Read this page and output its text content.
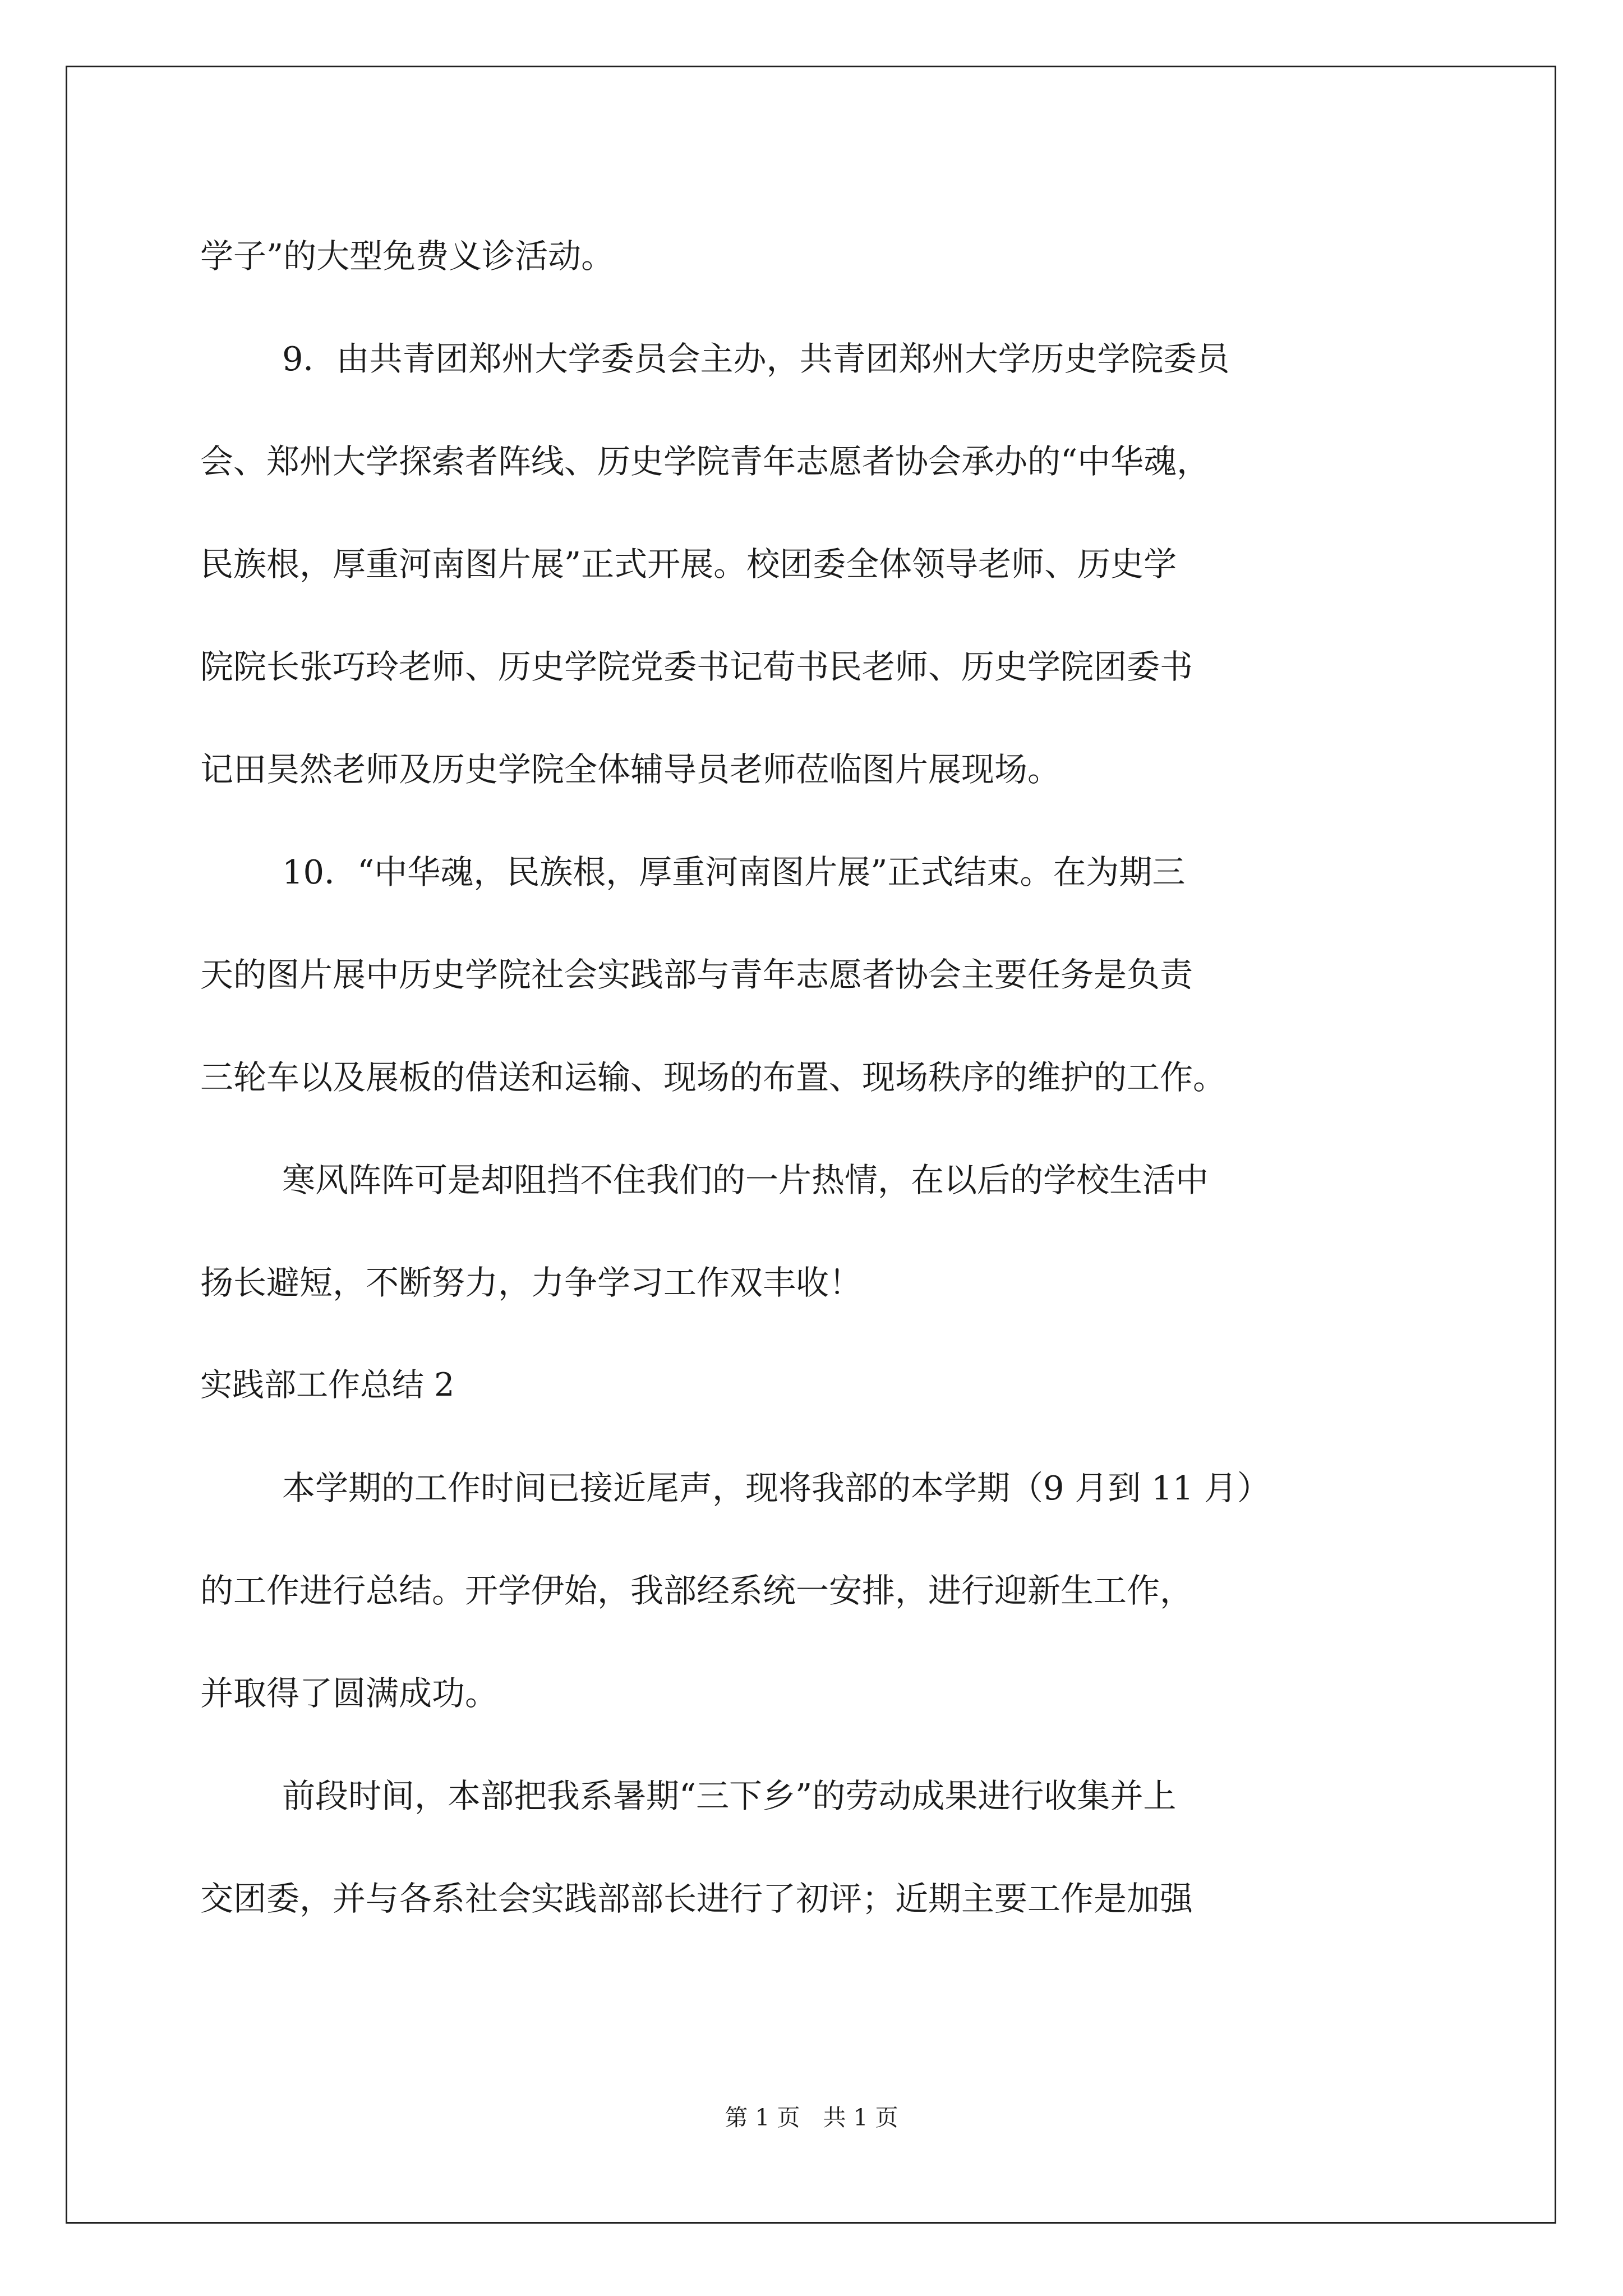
学子”的大型免费义诊活动。
9．由共青团郑州大学委员会主办，共青团郑州大学历史学院委员
会、郑州大学探索者阵线、历史学院青年志愿者协会承办的“中华魂，
民族根，厚重河南图片展”正式开展。校团委全体领导老师、历史学
院院长张巧玲老师、历史学院党委书记荀书民老师、历史学院团委书
记田昊然老师及历史学院全体辅导员老师莅临图片展现场。
10．“中华魂，民族根，厚重河南图片展”正式结束。在为期三
天的图片展中历史学院社会实践部与青年志愿者协会主要任务是负责
三轮车以及展板的借送和运输、现场的布置、现场秩序的维护的工作。
寒风阵阵可是却阻挡不住我们的一片热情，在以后的学校生活中
扬长避短，不断努力，力争学习工作双丰收！
实践部工作总结 2
本学期的工作时间已接近尾声，现将我部的本学期（9 月到 11 月）
的工作进行总结。开学伊始，我部经系统一安排，进行迎新生工作，
并取得了圆满成功。
前段时间，本部把我系暑期“三下乡”的劳动成果进行收集并上
交团委，并与各系社会实践部部长进行了初评；近期主要工作是加强
第 1 页　共 1 页
